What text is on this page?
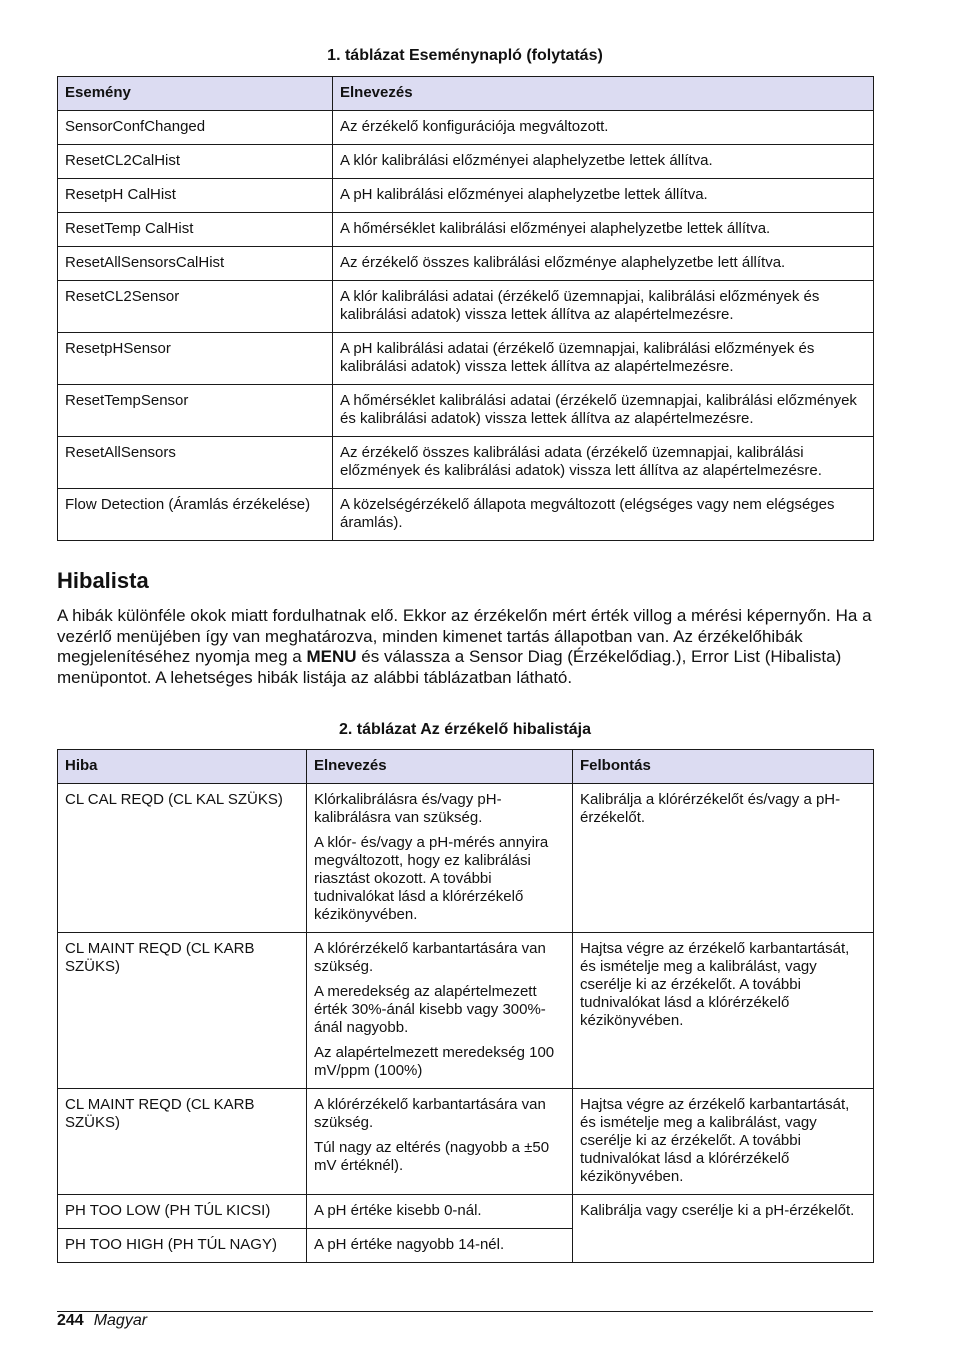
1. táblázat Eseménynapló (folytatás)
Esemény	Elnevezés
SensorConfChanged	Az érzékelő konfigurációja megváltozott.
ResetCL2CalHist	A klór kalibrálási előzményei alaphelyzetbe lettek állítva.
ResetpH CalHist	A pH kalibrálási előzményei alaphelyzetbe lettek állítva.
ResetTemp CalHist	A hőmérséklet kalibrálási előzményei alaphelyzetbe lettek állítva.
ResetAllSensorsCalHist	Az érzékelő összes kalibrálási előzménye alaphelyzetbe lett állítva.
ResetCL2Sensor	A klór kalibrálási adatai (érzékelő üzemnapjai, kalibrálási előzmények és kalibrálási adatok) vissza lettek állítva az alapértelmezésre.
ResetpHSensor	A pH kalibrálási adatai (érzékelő üzemnapjai, kalibrálási előzmények és kalibrálási adatok) vissza lettek állítva az alapértelmezésre.
ResetTempSensor	A hőmérséklet kalibrálási adatai (érzékelő üzemnapjai, kalibrálási előzmények és kalibrálási adatok) vissza lettek állítva az alapértelmezésre.
ResetAllSensors	Az érzékelő összes kalibrálási adata (érzékelő üzemnapjai, kalibrálási előzmények és kalibrálási adatok) vissza lett állítva az alapértelmezésre.
Flow Detection (Áramlás érzékelése)	A közelségérzékelő állapota megváltozott (elégséges vagy nem elégséges áramlás).
Hibalista

A hibák különféle okok miatt fordulhatnak elő. Ekkor az érzékelőn mért érték villog a mérési képernyőn. Ha a vezérlő menüjében így van meghatározva, minden kimenet tartás állapotban van. Az érzékelőhibák megjelenítéséhez nyomja meg a MENU és válassza a Sensor Diag (Érzékelődiag.), Error List (Hibalista) menüpontot. A lehetséges hibák listája az alábbi táblázatban látható.

2. táblázat Az érzékelő hibalistája
Hiba	Elnevezés	Felbontás
CL CAL REQD (CL KAL SZÜKS)	Klórkalibrálásra és/vagy pH-kalibrálásra van szükség.

A klór- és/vagy a pH-mérés annyira megváltozott, hogy ez kalibrálási riasztást okozott. A további tudnivalókat lásd a klórérzékelő kézikönyvében.	Kalibrálja a klórérzékelőt és/vagy a pH-érzékelőt.
CL MAINT REQD (CL KARB SZÜKS)	A klórérzékelő karbantartására van szükség.

A meredekség az alapértelmezett érték 30%-ánál kisebb vagy 300%-ánál nagyobb.

Az alapértelmezett meredekség 100 mV/ppm (100%)	Hajtsa végre az érzékelő karbantartását, és ismételje meg a kalibrálást, vagy cserélje ki az érzékelőt. A további tudnivalókat lásd a klórérzékelő kézikönyvében.
CL MAINT REQD (CL KARB SZÜKS)	A klórérzékelő karbantartására van szükség.

Túl nagy az eltérés (nagyobb a ±50 mV értéknél).	Hajtsa végre az érzékelő karbantartását, és ismételje meg a kalibrálást, vagy cserélje ki az érzékelőt. A további tudnivalókat lásd a klórérzékelő kézikönyvében.
PH TOO LOW (PH TÚL KICSI)	A pH értéke kisebb 0-nál.	Kalibrálja vagy cserélje ki a pH-érzékelőt.
PH TOO HIGH (PH TÚL NAGY)	A pH értéke nagyobb 14-nél.	

244 Magyar
